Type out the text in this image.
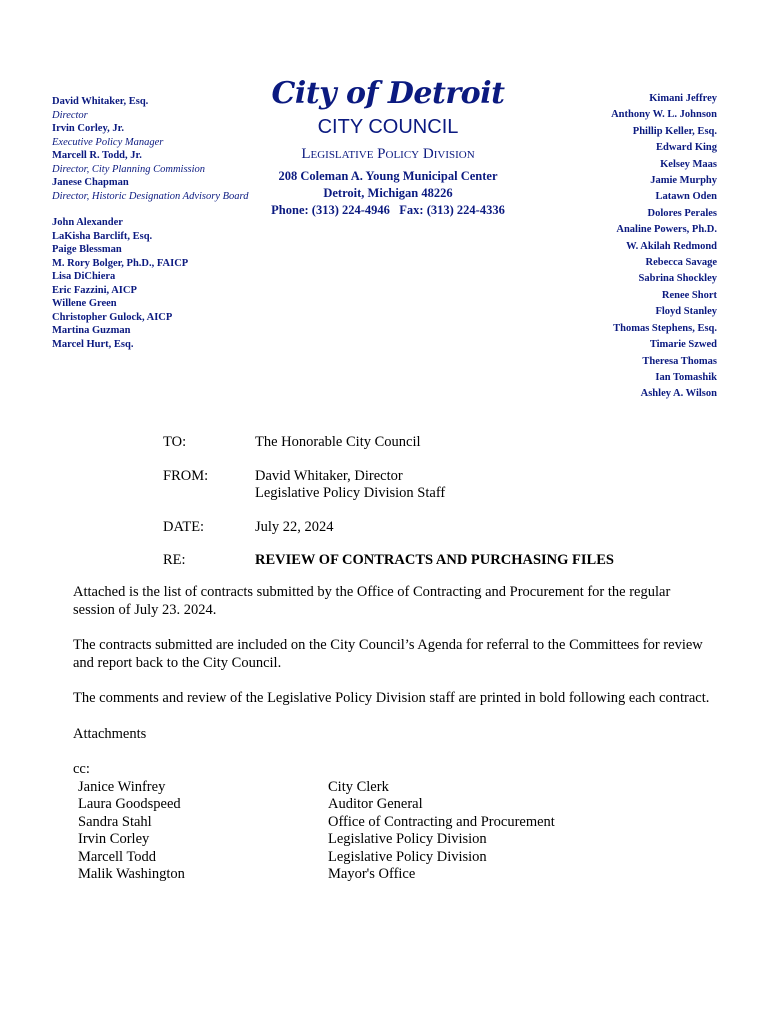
David Whitaker, Esq.
Director
Irvin Corley, Jr.
Executive Policy Manager
Marcell R. Todd, Jr.
Director, City Planning Commission
Janese Chapman
Director, Historic Designation Advisory Board
John Alexander
LaKisha Barclift, Esq.
Paige Blessman
M. Rory Bolger, Ph.D., FAICP
Lisa DiChiera
Eric Fazzini, AICP
Willene Green
Christopher Gulock, AICP
Martina Guzman
Marcel Hurt, Esq.
City of Detroit
CITY COUNCIL
Legislative Policy Division
208 Coleman A. Young Municipal Center
Detroit, Michigan 48226
Phone: (313) 224-4946   Fax: (313) 224-4336
Kimani Jeffrey
Anthony W. L. Johnson
Phillip Keller, Esq.
Edward King
Kelsey Maas
Jamie Murphy
Latawn Oden
Dolores Perales
Analine Powers, Ph.D.
W. Akilah Redmond
Rebecca Savage
Sabrina Shockley
Renee Short
Floyd Stanley
Thomas Stephens, Esq.
Timarie Szwed
Theresa Thomas
Ian Tomashik
Ashley A. Wilson
TO:	The Honorable City Council
FROM:	David Whitaker, Director
Legislative Policy Division Staff
DATE:	July 22, 2024
RE:	REVIEW OF CONTRACTS AND PURCHASING FILES

Attached is the list of contracts submitted by the Office of Contracting and Procurement for the regular session of July 23. 2024.

The contracts submitted are included on the City Council’s Agenda for referral to the Committees for review and report back to the City Council.

The comments and review of the Legislative Policy Division staff are printed in bold following each contract.

Attachments

cc:
Janice Winfrey	City Clerk
Laura Goodspeed	Auditor General
Sandra Stahl	Office of Contracting and Procurement
Irvin Corley	Legislative Policy Division
Marcell Todd	Legislative Policy Division
Malik Washington	Mayor's Office
